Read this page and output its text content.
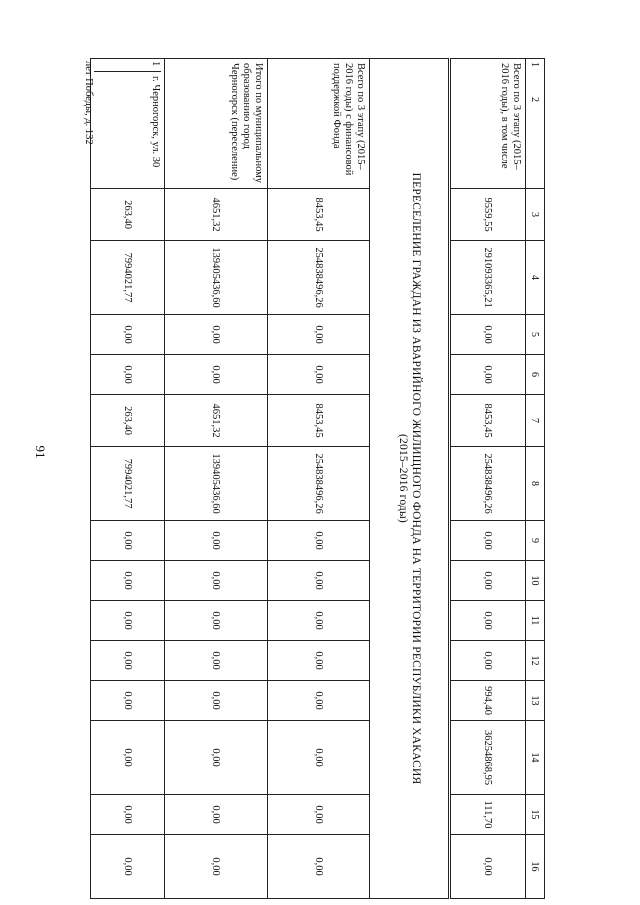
91
1            2	3	4	5	6	7	8	9	10	11	12	13	14	15	16
Всего по 3 этапу (2015–2016 годы), в том числе	9559,55	291093365,21	0,00	0,00	8453,45	254838496,26	0,00	0,00	0,00	0,00	994,40	36254868,95	111,70	0,00
ПЕРЕСЕЛЕНИЕ ГРАЖДАН ИЗ АВАРИЙНОГО ЖИЛИЩНОГО ФОНДА НА ТЕРРИТОРИИ РЕСПУБЛИКИ ХАКАСИЯ
(2015–2016 годы)														
Всего по 3 этапу (2015–2016 годы) с финансовой поддержкой Фонда	8453,45	254838496,26	0,00	0,00	8453,45	254838496,26	0,00	0,00	0,00	0,00	0,00	0,00	0,00	0,00
Итого по муниципальному образованию город Черногорск (переселение)	4651,32	139405436,60	0,00	0,00	4651,32	139405436,60	0,00	0,00	0,00	0,00	0,00	0,00	0,00	0,00
1г. Черногорск, ул. 30 лет Победы, д. 132	263,40	7994021,77	0,00	0,00	263,40	7994021,77	0,00	0,00	0,00	0,00	0,00	0,00	0,00	0,00
